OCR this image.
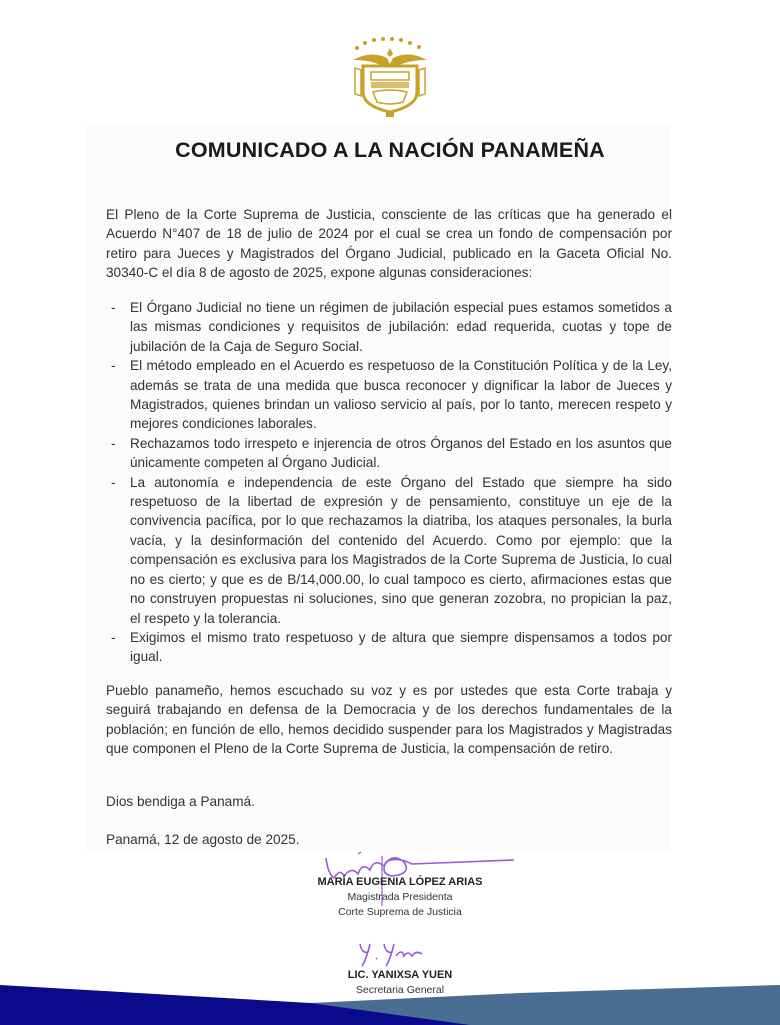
COMUNICADO A LA NACIÓN PANAMEÑA

El Pleno de la Corte Suprema de Justicia, consciente de las críticas que ha generado el Acuerdo N°407 de 18 de julio de 2024 por el cual se crea un fondo de compensación por retiro para Jueces y Magistrados del Órgano Judicial, publicado en la Gaceta Oficial No. 30340-C el día 8 de agosto de 2025, expone algunas consideraciones:

- El Órgano Judicial no tiene un régimen de jubilación especial pues estamos sometidos a las mismas condiciones y requisitos de jubilación: edad requerida, cuotas y tope de jubilación de la Caja de Seguro Social.
- El método empleado en el Acuerdo es respetuoso de la Constitución Política y de la Ley, además se trata de una medida que busca reconocer y dignificar la labor de Jueces y Magistrados, quienes brindan un valioso servicio al país, por lo tanto, merecen respeto y mejores condiciones laborales.
- Rechazamos todo irrespeto e injerencia de otros Órganos del Estado en los asuntos que únicamente competen al Órgano Judicial.
- La autonomía e independencia de este Órgano del Estado que siempre ha sido respetuoso de la libertad de expresión y de pensamiento, constituye un eje de la convivencia pacífica, por lo que rechazamos la diatriba, los ataques personales, la burla vacía, y la desinformación del contenido del Acuerdo. Como por ejemplo: que la compensación es exclusiva para los Magistrados de la Corte Suprema de Justicia, lo cual no es cierto; y que es de B/14,000.00, lo cual tampoco es cierto, afirmaciones estas que no construyen propuestas ni soluciones, sino que generan zozobra, no propician la paz, el respeto y la tolerancia.
- Exigimos el mismo trato respetuoso y de altura que siempre dispensamos a todos por igual.

Pueblo panameño, hemos escuchado su voz y es por ustedes que esta Corte trabaja y seguirá trabajando en defensa de la Democracia y de los derechos fundamentales de la población; en función de ello, hemos decidido suspender para los Magistrados y Magistradas que componen el Pleno de la Corte Suprema de Justicia, la compensación de retiro.

Dios bendiga a Panamá.

Panamá, 12 de agosto de 2025.

MARÍA EUGENIA LÓPEZ ARIAS
Magistrada Presidenta
Corte Suprema de Justicia
LIC. YANIXSA YUEN
Secretaria General
